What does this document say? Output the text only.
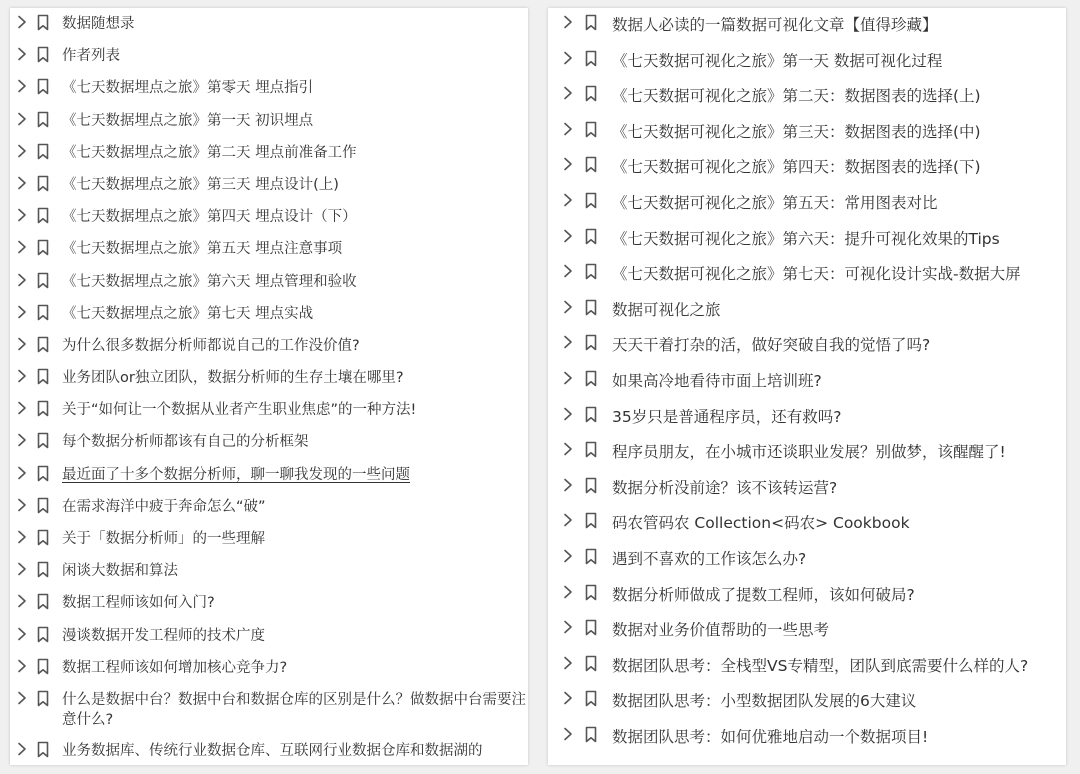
数据随想录
作者列表
《七天数据埋点之旅》第零天 埋点指引
《七天数据埋点之旅》第一天 初识埋点
《七天数据埋点之旅》第二天 埋点前准备工作
《七天数据埋点之旅》第三天 埋点设计(上)
《七天数据埋点之旅》第四天 埋点设计（下）
《七天数据埋点之旅》第五天 埋点注意事项
《七天数据埋点之旅》第六天 埋点管理和验收
《七天数据埋点之旅》第七天 埋点实战
为什么很多数据分析师都说自己的工作没价值?
业务团队or独立团队，数据分析师的生存土壤在哪里?
关于“如何让一个数据从业者产生职业焦虑”的一种方法!
每个数据分析师都该有自己的分析框架
最近面了十多个数据分析师，聊一聊我发现的一些问题
在需求海洋中疲于奔命怎么“破”
关于「数据分析师」的一些理解
闲谈大数据和算法
数据工程师该如何入门?
漫谈数据开发工程师的技术广度
数据工程师该如何增加核心竞争力?
什么是数据中台？数据中台和数据仓库的区别是什么？做数据中台需要注意什么?
业务数据库、传统行业数据仓库、互联网行业数据仓库和数据湖的
数据人必读的一篇数据可视化文章【值得珍藏】
《七天数据可视化之旅》第一天 数据可视化过程
《七天数据可视化之旅》第二天：数据图表的选择(上)
《七天数据可视化之旅》第三天：数据图表的选择(中)
《七天数据可视化之旅》第四天：数据图表的选择(下)
《七天数据可视化之旅》第五天：常用图表对比
《七天数据可视化之旅》第六天：提升可视化效果的Tips
《七天数据可视化之旅》第七天：可视化设计实战-数据大屏
数据可视化之旅
天天干着打杂的活，做好突破自我的觉悟了吗?
如果高冷地看待市面上培训班?
35岁只是普通程序员，还有救吗?
程序员朋友，在小城市还谈职业发展？别做梦，该醒醒了!
数据分析没前途？该不该转运营?
码农管码农 Collection<码农> Cookbook
遇到不喜欢的工作该怎么办?
数据分析师做成了提数工程师，该如何破局?
数据对业务价值帮助的一些思考
数据团队思考：全栈型VS专精型，团队到底需要什么样的人?
数据团队思考：小型数据团队发展的6大建议
数据团队思考：如何优雅地启动一个数据项目!
